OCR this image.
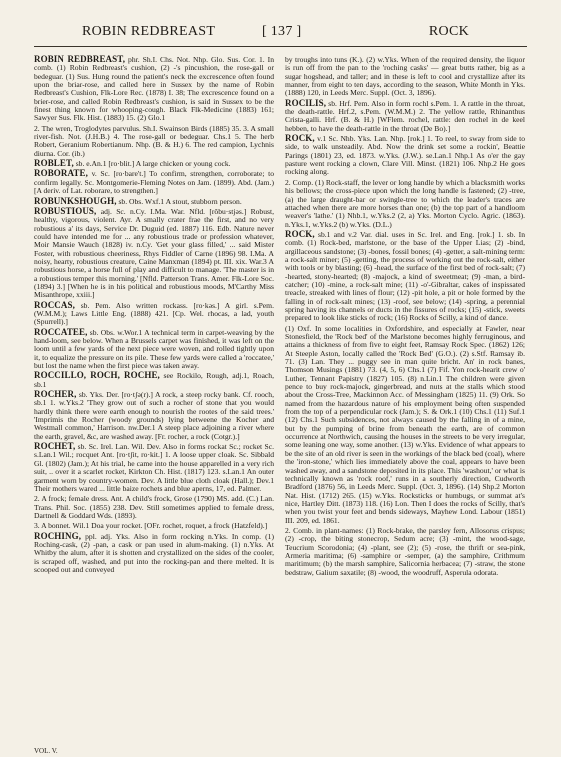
ROBIN REDBREAST	[ 137 ]	ROCK

ROBIN REDBREAST, phr. Sh.I. Chs. Not. Nhp. Glo. Sus. Cor. 1. In comb. (1) Robin Redbreast's cushion, (2) -'s pincushion, the rose-gall or bedeguar. (1) Sus. Hung round the patient's neck the excrescence often found upon the briar-rose, and called here in Sussex by the name of Robin Redbreast's Cushion, Flk-Lore Rec. (1878) I. 38; The excrescence found on a brier-rose, and called Robin Redbreast's cushion, is said in Sussex to be the finest thing known for whooping-cough. Black Flk-Medicine (1883) 161; Sawyer Sus. Flk. Hist. (1883) 15. (2) Glo.1

2. The wren, Troglodytes parvulus. Sh.I. Swainson Birds (1885) 35. 3. A small river-fish. Not. (J.H.B.) 4. The rose-gall or bedeguar. Chs.1 5. The herb Robert, Geranium Robertianum. Nhp. (B. & H.) 6. The red campion, Lychnis diurna. Cor. (ib.)

ROBLET, sb. e.An.1 [ro·blit.] A large chicken or young cock.

ROBORATE, v. Sc. [ro·bare't.] To confirm, strengthen, corroborate; to confirm legally. Sc. Montgomerie-Fleming Notes on Jam. (1899). Abd. (Jam.) [A deriv. of Lat. roborare, to strengthen.]

ROBUNKSHOUGH, sb. Obs. Wxf.1 A stout, stubborn person.

ROBUSTIOUS, adj. Sc. n.Cy. I.Ma. War. Nfld. [rŏbu·stjəs.] Robust, healthy, vigorous, violent. Ayr. A smally crater frae the first, and no very robustious a' its days, Service Dr. Duguid (ed. 1887) 116. Edb. Nature never could have intended me for ... any robustious trade or profession whatever, Moir Mansie Wauch (1828) iv. n.Cy. 'Get your glass filled,' ... said Mister Foster, with robustious cheeriness, Rhys Fiddler of Carne (1896) 98. I.Ma. A noisy, hearty, robustious creature, Caine Manxman (1894) pt. III. xix. War.3 A robustious horse, a horse full of play and difficult to manage. 'The master is in a robustious temper this morning.' [Nfld. Patterson Trans. Amer. Flk-Lore Soc. (1894) 3.] [When he is in his political and robustious moods, M'Carthy Miss Misanthrope, xxiii.]

ROCCAS, sb. Pem. Also written rockass. [ro·kəs.] A girl. s.Pem. (W.M.M.); Laws Little Eng. (1888) 421. [Cp. Wel. rhocas, a lad, youth (Spurrell).]

ROCCATEE, sb. Obs. w.Wor.1 A technical term in carpet-weaving by the hand-loom, see below. When a Brussels carpet was finished, it was left on the loom until a few yards of the next piece were woven, and rolled tightly upon it, to equalize the pressure on its pile. These few yards were called a 'roccatee,' but lost the name when the first piece was taken away.

ROCCILLO, ROCH, ROCHE, see Rockilo, Rough, adj.1, Roach, sb.1

ROCHER, sb. Yks. Der. [ro·tʃə(r).] A rock, a steep rocky bank. Cf. rooch, sb.1 1. w.Yks.2 'They grow out of such a rocher of stone that you would hardly think there were earth enough to nourish the rootes of the said trees.' 'Imprimis the Rocher (woody grounds) lying betweene the Kocher and Westmall common,' Harrison. nw.Der.1 A steep place adjoining a river where the earth, gravel, &c, are washed away. [Fr. rocher, a rock (Cotgr.).]

ROCHET, sb. Sc. Irel. Lan. Wil. Dev. Also in forms rockat Sc.; rocket Sc. s.Lan.1 Wil.; rocquet Ant. [ro·tʃit, ro·kit.] 1. A loose upper cloak. Sc. Sibbald Gl. (1802) (Jam.); At his trial, he came into the house apparelled in a very rich suit, .. over it a scarlet rocket, Kirkton Ch. Hist. (1817) 123. s.Lan.1 An outer garment worn by country-women. Dev. A little blue cloth cloak (Hall.); Dev.1 Their mothers wared ... little baize rochets and blue aperns, 17, ed. Palmer.

2. A frock; female dress. Ant. A child's frock, Grose (1790) MS. add. (C.) Lan. Trans. Phil. Soc. (1855) 238. Dev. Still sometimes applied to female dress, Dartnell & Goddard Wds. (1893).

3. A bonnet. Wil.1 Doa your rocket. [OFr. rochet, roquet, a frock (Hatzfeld).]

ROCHING, ppl. adj. Yks. Also in form rocking n.Yks. In comp. (1) Roching-cask, (2) -pan, a cask or pan used in alum-making. (1) n.Yks. At Whitby the alum, after it is shotten and crystallized on the sides of the cooler, is scraped off, washed, and put into the rocking-pan and there melted. It is scooped out and conveyed

by troughs into tuns (K.). (2) w.Yks. When of the required density, the liquor is run off from the pan to the 'roching casks' — great butts rather, big as a sugar hogshead, and taller; and in these is left to cool and crystallize after its manner, from eight to ten days, according to the season, White Month in Yks. (1888) 120, in Leeds Merc. Suppl. (Oct. 3, 1896).

ROCILIS, sb. Hrf. Pem. Also in form rochl s.Pem. 1. A rattle in the throat, the death-rattle. Hrf.2, s.Pem. (W.M.M.) 2. The yellow rattle, Rhinanthus Crista-galli. Hrf. (B. & H.) [WFlem. rochel, rattle: den rochel in de keel hebben, to have the death-rattle in the throat (De Bo).]

ROCK, v.1 Sc. Nhb. Yks. Lan. Nhp. [rok.] 1. To reel, to sway from side to side, to walk unsteadily. Abd. Now the drink set some a rockin', Beattie Parings (1801) 23, ed. 1873. w.Yks. (J.W.). se.Lan.1 Nhp.1 As o'er the gay pasture went rocking a clown, Clare Vill. Minst. (1821) 106. Nhp.2 He goes rocking along.

2. Comp. (1) Rock-staff, the lever or long handle by which a blacksmith works his bellows; the cross-piece upon which the long handle is fastened; (2) -tree, (a) the large draught-bar or swingle-tree to which the leader's traces are attached when there are more horses than one; (b) the top part of a handloom weaver's 'lathe.' (1) Nhb.1, w.Yks.2 (2, a) Yks. Morton Cyclo. Agric. (1863). n.Yks.1, w.Yks.2 (b) w.Yks. (D.L.)

ROCK, sb.1 and v.2 Var. dial. uses in Sc. Irel. and Eng. [rok.] 1. sb. In comb. (1) Rock-bed, marlstone, or the base of the Upper Lias; (2) -bind, argillaceous sandstone; (3) -bones, fossil bones; (4) -getter, a salt-mining term: a rock-salt miner; (5) -getting, the process of working out the rock-salt, either with tools or by blasting; (6) -head, the surface of the first bed of rock-salt; (7) -hearted, stony-hearted; (8) -majock, a kind of sweetmeat; (9) -man, a bird-catcher; (10) -mine, a rock-salt mine; (11) -o'-Gibraltar, cakes of inspissated treacle, streaked with lines of flour; (12) -pit hole, a pit or hole formed by the falling in of rock-salt mines; (13) -roof, see below; (14) -spring, a perennial spring having its channels or ducts in the fissures of rocks; (15) -stick, sweets prepared to look like sticks of rock; (16) Rocks of Scilly, a kind of dance.

(1) Oxf. In some localities in Oxfordshire, and especially at Fawler, near Stonesfield, the 'Rock bed' of the Marlstone becomes highly ferruginous, and attains a thickness of from five to eight feet, Ramsay Rock Spec. (1862) 126; At Steeple Aston, locally called the 'Rock Bed' (G.O.). (2) s.Stf. Ramsay ib. 71. (3) Lan. They ... puggy see in man quite bricht. An' in rock banes, Thomson Musings (1881) 73. (4, 5, 6) Chs.1 (7) Fif. Yon rock-hearit crew o' Luther, Tennant Papistry (1827) 105. (8) n.Lin.1 The children were given pence to buy rock-majock, gingerbread, and nuts at the stalls which stood about the Cross-Tree, Mackinnon Acc. of Messingham (1825) 11. (9) Ork. So named from the hazardous nature of his employment being often suspended from the top of a perpendicular rock (Jam.); S. & Ork.1 (10) Chs.1 (11) Suf.1 (12) Chs.1 Such subsidences, not always caused by the falling in of a mine, but by the pumping of brine from beneath the earth, are of common occurrence at Northwich, causing the houses in the streets to be very irregular, some leaning one way, some another. (13) w.Yks. Evidence of what appears to be the site of an old river is seen in the workings of the black bed (coal), where the 'iron-stone,' which lies immediately above the coal, appears to have been washed away, and a sandstone deposited in its place. This 'washout,' or what is technically known as 'rock roof,' runs in a southerly direction, Cudworth Bradford (1876) 56, in Leeds Merc. Suppl. (Oct. 3, 1896). (14) Shp.2 Morton Nat. Hist. (1712) 265. (15) w.Yks. Rocksticks or humbugs, or summat at's nice, Hartley Ditt. (1873) 118. (16) Lon. Then I does the rocks of Scilly, that's when you twist your feet and bends sideways, Mayhew Lond. Labour (1851) III. 209, ed. 1861.

2. Comb. in plant-names: (1) Rock-brake, the parsley fern, Allosorus crispus; (2) -crop, the biting stonecrop, Sedum acre; (3) -mint, the wood-sage, Teucrium Scorodonia; (4) -plant, see (2); (5) -rose, the thrift or sea-pink, Armeria maritima; (6) -samphire or -semper, (a) the samphire, Crithmum maritimum; (b) the marsh samphire, Salicornia herbacea; (7) -straw, the stone bedstraw, Galium saxatile; (8) -wood, the woodruff, Asperula odorata.

VOL. V.
